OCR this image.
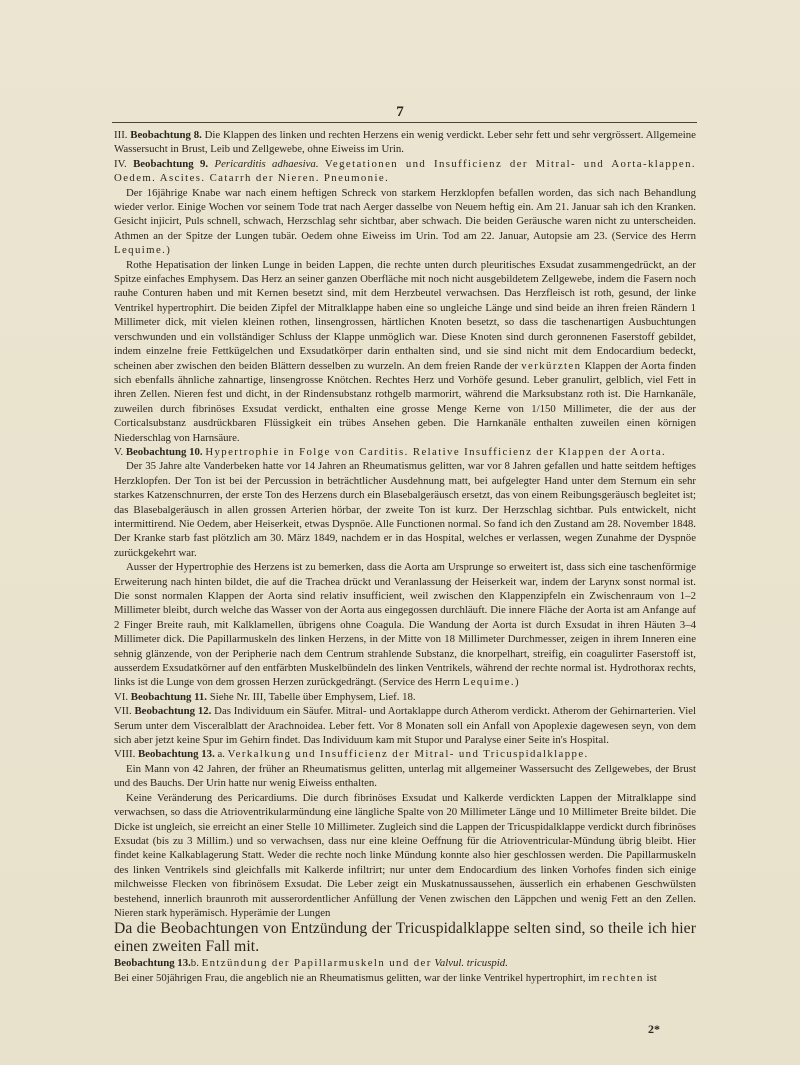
7

III. Beobachtung 8. Die Klappen des linken und rechten Herzens ein wenig verdickt. Leber sehr fett und sehr vergrössert. Allgemeine Wassersucht in Brust, Leib und Zellgewebe, ohne Eiweiss im Urin.

IV. Beobachtung 9. Pericarditis adhaesiva. Vegetationen und Insufficienz der Mitral- und Aorta-klappen. Oedem. Ascites. Catarrh der Nieren. Pneumonie.

Der 16jährige Knabe war nach einem heftigen Schreck von starkem Herzklopfen befallen worden, das sich nach Behandlung wieder verlor. Einige Wochen vor seinem Tode trat nach Aerger dasselbe von Neuem heftig ein. Am 21. Januar sah ich den Kranken. Gesicht injicirt, Puls schnell, schwach, Herzschlag sehr sichtbar, aber schwach. Die beiden Geräusche waren nicht zu unterscheiden. Athmen an der Spitze der Lungen tubär. Oedem ohne Eiweiss im Urin. Tod am 22. Januar, Autopsie am 23. (Service des Herrn Lequime.)

Rothe Hepatisation der linken Lunge in beiden Lappen, die rechte unten durch pleuritisches Exsudat zusammengedrückt, an der Spitze einfaches Emphysem. Das Herz an seiner ganzen Oberfläche mit noch nicht ausgebildetem Zellgewebe, indem die Fasern noch rauhe Conturen haben und mit Kernen besetzt sind, mit dem Herzbeutel verwachsen. Das Herzfleisch ist roth, gesund, der linke Ventrikel hypertrophirt. Die beiden Zipfel der Mitralklappe haben eine so ungleiche Länge und sind beide an ihren freien Rändern 1 Millimeter dick, mit vielen kleinen rothen, linsengrossen, härtlichen Knoten besetzt, so dass die taschenartigen Ausbuchtungen verschwunden und ein vollständiger Schluss der Klappe unmöglich war. Diese Knoten sind durch geronnenen Faserstoff gebildet, indem einzelne freie Fettkügelchen und Exsudatkörper darin enthalten sind, und sie sind nicht mit dem Endocardium bedeckt, scheinen aber zwischen den beiden Blättern desselben zu wurzeln. An dem freien Rande der verkürzten Klappen der Aorta finden sich ebenfalls ähnliche zahnartige, linsengrosse Knötchen. Rechtes Herz und Vorhöfe gesund. Leber granulirt, gelblich, viel Fett in ihren Zellen. Nieren fest und dicht, in der Rindensubstanz rothgelb marmorirt, während die Marksubstanz roth ist. Die Harnkanäle, zuweilen durch fibrinöses Exsudat verdickt, enthalten eine grosse Menge Kerne von 1/150 Millimeter, die der aus der Corticalsubstanz ausdrückbaren Flüssigkeit ein trübes Ansehen geben. Die Harnkanäle enthalten zuweilen einen körnigen Niederschlag von Harnsäure.

V. Beobachtung 10. Hypertrophie in Folge von Carditis. Relative Insufficienz der Klappen der Aorta.

Der 35 Jahre alte Vanderbeken hatte vor 14 Jahren an Rheumatismus gelitten, war vor 8 Jahren gefallen und hatte seitdem heftiges Herzklopfen. Der Ton ist bei der Percussion in beträchtlicher Ausdehnung matt, bei aufgelegter Hand unter dem Sternum ein sehr starkes Katzenschnurren, der erste Ton des Herzens durch ein Blasebalgeräusch ersetzt, das von einem Reibungsgeräusch begleitet ist; das Blasebalgeräusch in allen grossen Arterien hörbar, der zweite Ton ist kurz. Der Herzschlag sichtbar. Puls entwickelt, nicht intermittirend. Nie Oedem, aber Heiserkeit, etwas Dyspnöe. Alle Functionen normal. So fand ich den Zustand am 28. November 1848. Der Kranke starb fast plötzlich am 30. März 1849, nachdem er in das Hospital, welches er verlassen, wegen Zunahme der Dyspnöe zurückgekehrt war.

Ausser der Hypertrophie des Herzens ist zu bemerken, dass die Aorta am Ursprunge so erweitert ist, dass sich eine taschenförmige Erweiterung nach hinten bildet, die auf die Trachea drückt und Veranlassung der Heiserkeit war, indem der Larynx sonst normal ist. Die sonst normalen Klappen der Aorta sind relativ insufficient, weil zwischen den Klappenzipfeln ein Zwischenraum von 1–2 Millimeter bleibt, durch welche das Wasser von der Aorta aus eingegossen durchläuft. Die innere Fläche der Aorta ist am Anfange auf 2 Finger Breite rauh, mit Kalklamellen, übrigens ohne Coagula. Die Wandung der Aorta ist durch Exsudat in ihren Häuten 3–4 Millimeter dick. Die Papillarmuskeln des linken Herzens, in der Mitte von 18 Millimeter Durchmesser, zeigen in ihrem Inneren eine sehnig glänzende, von der Peripherie nach dem Centrum strahlende Substanz, die knorpelhart, streifig, ein coagulirter Faserstoff ist, ausserdem Exsudatkörner auf den entfärbten Muskelbündeln des linken Ventrikels, während der rechte normal ist. Hydrothorax rechts, links ist die Lunge von dem grossen Herzen zurückgedrängt. (Service des Herrn Lequime.)

VI. Beobachtung 11. Siehe Nr. III, Tabelle über Emphysem, Lief. 18.

VII. Beobachtung 12. Das Individuum ein Säufer. Mitral- und Aortaklappe durch Atherom verdickt. Atherom der Gehirnarterien. Viel Serum unter dem Visceralblatt der Arachnoidea. Leber fett. Vor 8 Monaten soll ein Anfall von Apoplexie dagewesen seyn, von dem sich aber jetzt keine Spur im Gehirn findet. Das Individuum kam mit Stupor und Paralyse einer Seite in's Hospital.

VIII. Beobachtung 13. a. Verkalkung und Insufficienz der Mitral- und Tricuspidalklappe.

Ein Mann von 42 Jahren, der früher an Rheumatismus gelitten, unterlag mit allgemeiner Wassersucht des Zellgewebes, der Brust und des Bauchs. Der Urin hatte nur wenig Eiweiss enthalten.

Keine Veränderung des Pericardiums. Die durch fibrinöses Exsudat und Kalkerde verdickten Lappen der Mitralklappe sind verwachsen, so dass die Atrioventrikularmündung eine längliche Spalte von 20 Millimeter Länge und 10 Millimeter Breite bildet. Die Dicke ist ungleich, sie erreicht an einer Stelle 10 Millimeter. Zugleich sind die Lappen der Tricuspidalklappe verdickt durch fibrinöses Exsudat (bis zu 3 Millim.) und so verwachsen, dass nur eine kleine Oeffnung für die Atrioventricular-Mündung übrig bleibt. Hier findet keine Kalkablagerung Statt. Weder die rechte noch linke Mündung konnte also hier geschlossen werden. Die Papillarmuskeln des linken Ventrikels sind gleichfalls mit Kalkerde infiltrirt; nur unter dem Endocardium des linken Vorhofes finden sich einige milchweisse Flecken von fibrinösem Exsudat. Die Leber zeigt ein Muskatnussaussehen, äusserlich ein erhabenen Geschwülsten bestehend, innerlich braunroth mit ausserordentlicher Anfüllung der Venen zwischen den Läppchen und wenig Fett an den Zellen. Nieren stark hyperämisch. Hyperämie der Lungen

Da die Beobachtungen von Entzündung der Tricuspidalklappe selten sind, so theile ich hier einen zweiten Fall mit.

Beobachtung 13.b. Entzündung der Papillarmuskeln und der Valvul. tricuspid.

Bei einer 50jährigen Frau, die angeblich nie an Rheumatismus gelitten, war der linke Ventrikel hypertrophirt, im rechten ist

2*
